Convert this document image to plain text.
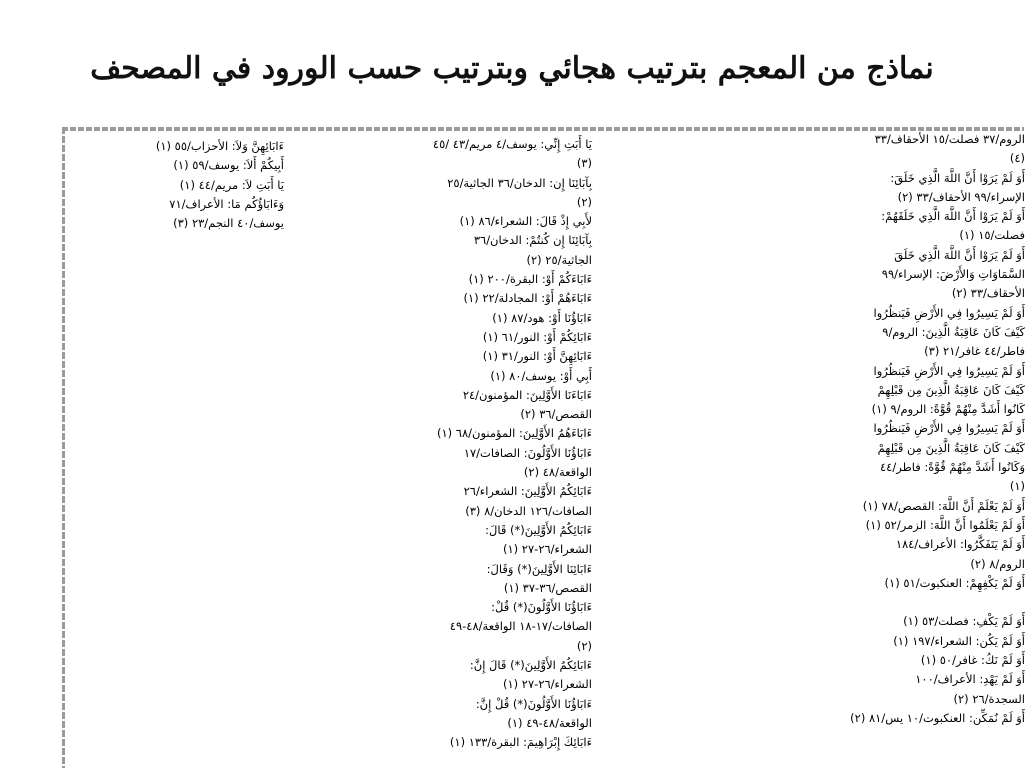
نماذج من المعجم بترتيب هجائي وبترتيب حسب الورود في المصحف
الروم/٣٧ فصلت/١٥ الأحقاف/٣٣
(٤)
أَوَ لَمْ يَرَوْا أَنَّ اللَّهَ الَّذِي خَلَقَ:
الإسراء/٩٩ الأحقاف/٣٣ (٢)
أَوَ لَمْ يَرَوْا أَنَّ اللَّهَ الَّذِي خَلَقَهُمْ:
فصلت/١٥ (١)
أَوَ لَمْ يَرَوْا أَنَّ اللَّهَ الَّذِي خَلَقَ
السَّمَاوَاتِ وَالأَرْضَ: الإسراء/٩٩
الأحقاف/٣٣ (٢)
أَوَ لَمْ يَسِيرُوا فِي الأَرْضِ فَيَنظُرُوا
كَيْفَ كَانَ عَاقِبَةُ الَّذِينَ: الروم/٩
فاطر/٤٤ غافر/٢١ (٣)
أَوَ لَمْ يَسِيرُوا فِي الأَرْضِ فَيَنظُرُوا
كَيْفَ كَانَ عَاقِبَةُ الَّذِينَ مِن قَبْلِهِمْ
كَانُوا أَشَدَّ مِنْهُمْ قُوَّةً: الروم/٩ (١)
أَوَ لَمْ يَسِيرُوا فِي الأَرْضِ فَيَنظُرُوا
كَيْفَ كَانَ عَاقِبَةُ الَّذِينَ مِن قَبْلِهِمْ
وَكَانُوا أَشَدَّ مِنْهُمْ قُوَّةً: فاطر/٤٤
(١)
أَوَ لَمْ يَعْلَمْ أَنَّ اللَّهَ: القصص/٧٨ (١)
أَوَ لَمْ يَعْلَمُوا أَنَّ اللَّهَ: الزمر/٥٢ (١)
أَوَ لَمْ يَتَفَكَّرُوا: الأعراف/١٨٤
الروم/٨ (٢)
أَوَ لَمْ يَكْفِهِمْ: العنكبوت/٥١ (١)

أَوَ لَمْ يَكْفِ: فصلت/٥٣ (١)
أَوَ لَمْ يَكُن: الشعراء/١٩٧ (١)
أَوَ لَمْ نَكُ: غافر/٥٠ (١)
أَوَ لَمْ يَهْدِ: الأعراف/١٠٠
السجدة/٢٦ (٢)
أَوَ لَمْ نُمَكِّن: العنكبوت/١٠ يس/٨١ (٢)
يَا أَبَتِ إِنِّي: يوسف/٤ مريم/٤٣ /٤٥
(٣)
بِآبَائِنَا إِن: الدخان/٣٦ الجاثية/٢٥
(٢)
لأَبِي إِذْ قَالَ: الشعراء/٨٦ (١)
بِآبَائِنَا إِن كُنتُمْ: الدخان/٣٦
الجاثية/٢٥ (٢)
ءَابَاءَكُمْ أَوْ: البقرة/٢٠٠ (١)
ءَابَاءَهُمْ أَوْ: المجادلة/٢٢ (١)
ءَابَاؤُنَا أَوْ: هود/٨٧ (١)
ءَابَائِكُمْ أَوْ: النور/٦١ (١)
ءَابَائِهِنَّ أَوْ: النور/٣١ (١)
أَبِي أَوْ: يوسف/٨٠ (١)
ءَابَاءَنَا الأَوَّلِينَ: المؤمنون/٢٤
القصص/٣٦ (٢)
ءَابَاءَهُمُ الأَوَّلِينَ: المؤمنون/٦٨ (١)
ءَابَاؤُنَا الأَوَّلُونَ: الصافات/١٧
الواقعة/٤٨ (٢)
ءَابَائِكُمُ الأَوَّلِينَ: الشعراء/٢٦
الصافات/١٢٦ الدخان/٨ (٣)
ءَابَائِكُمُ الأَوَّلِينَ(*) قَالَ:
الشعراء/٢٦-٢٧ (١)
ءَابَائِنَا الأَوَّلِينَ(*) وَقَالَ:
القصص/٣٦-٣٧ (١)
ءَابَاؤُنَا الأَوَّلُونَ(*) قُلْ:
الصافات/١٧-١٨ الواقعة/٤٨-٤٩
(٢)
ءَابَائِكُمُ الأَوَّلِينَ(*) قَالَ إِنَّ:
الشعراء/٢٦-٢٧ (١)
ءَابَاؤُنَا الأَوَّلُونَ(*) قُلْ إِنَّ:
الواقعة/٤٨-٤٩ (١)
ءَابَائِكَ إِبْرَاهِيمَ: البقرة/١٣٣ (١)
ءَابَائِهِنَّ وَلاَ: الأحزاب/٥٥ (١)
أَبِيكُمْ أَلاَ: يوسف/٥٩ (١)
يَا أَبَتِ لاَ: مريم/٤٤ (١)
وَءَابَاؤُكُم مَا: الأعراف/٧١
يوسف/٤٠ النجم/٢٣ (٣)
